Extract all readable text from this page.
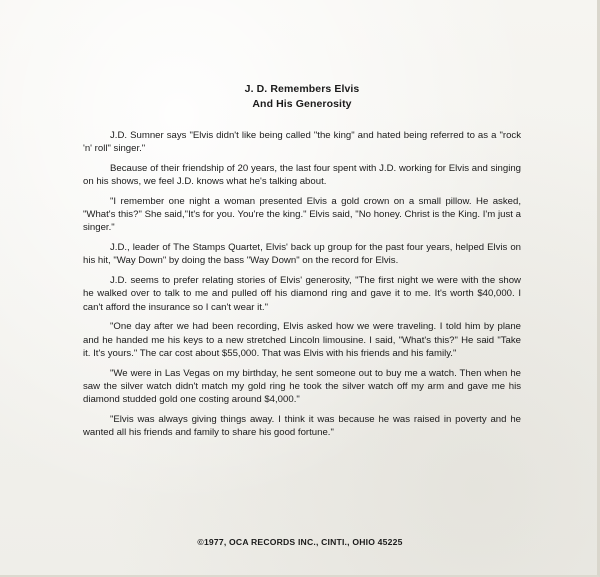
J. D. Remembers Elvis
And His Generosity

J.D. Sumner says "Elvis didn't like being called "the king" and hated being referred to as a "rock 'n' roll" singer."

Because of their friendship of 20 years, the last four spent with J.D. working for Elvis and singing on his shows, we feel J.D. knows what he's talking about.

"I remember one night a woman presented Elvis a gold crown on a small pillow. He asked, "What's this?" She said,"It's for you. You're the king." Elvis said, "No honey. Christ is the King. I'm just a singer."

J.D., leader of The Stamps Quartet, Elvis' back up group for the past four years, helped Elvis on his hit, "Way Down" by doing the bass "Way Down" on the record for Elvis.

J.D. seems to prefer relating stories of Elvis' generosity, "The first night we were with the show he walked over to talk to me and pulled off his diamond ring and gave it to me. It's worth $40,000. I can't afford the insurance so I can't wear it."

"One day after we had been recording, Elvis asked how we were traveling. I told him by plane and he handed me his keys to a new stretched Lincoln limousine. I said, "What's this?" He said "Take it. It's yours." The car cost about $55,000. That was Elvis with his friends and his family."

"We were in Las Vegas on my birthday, he sent someone out to buy me a watch. Then when he saw the silver watch didn't match my gold ring he took the silver watch off my arm and gave me his diamond studded gold one costing around $4,000."

"Elvis was always giving things away. I think it was because he was raised in poverty and he wanted all his friends and family to share his good fortune."

©1977, OCA RECORDS INC., CINTI., OHIO 45225
